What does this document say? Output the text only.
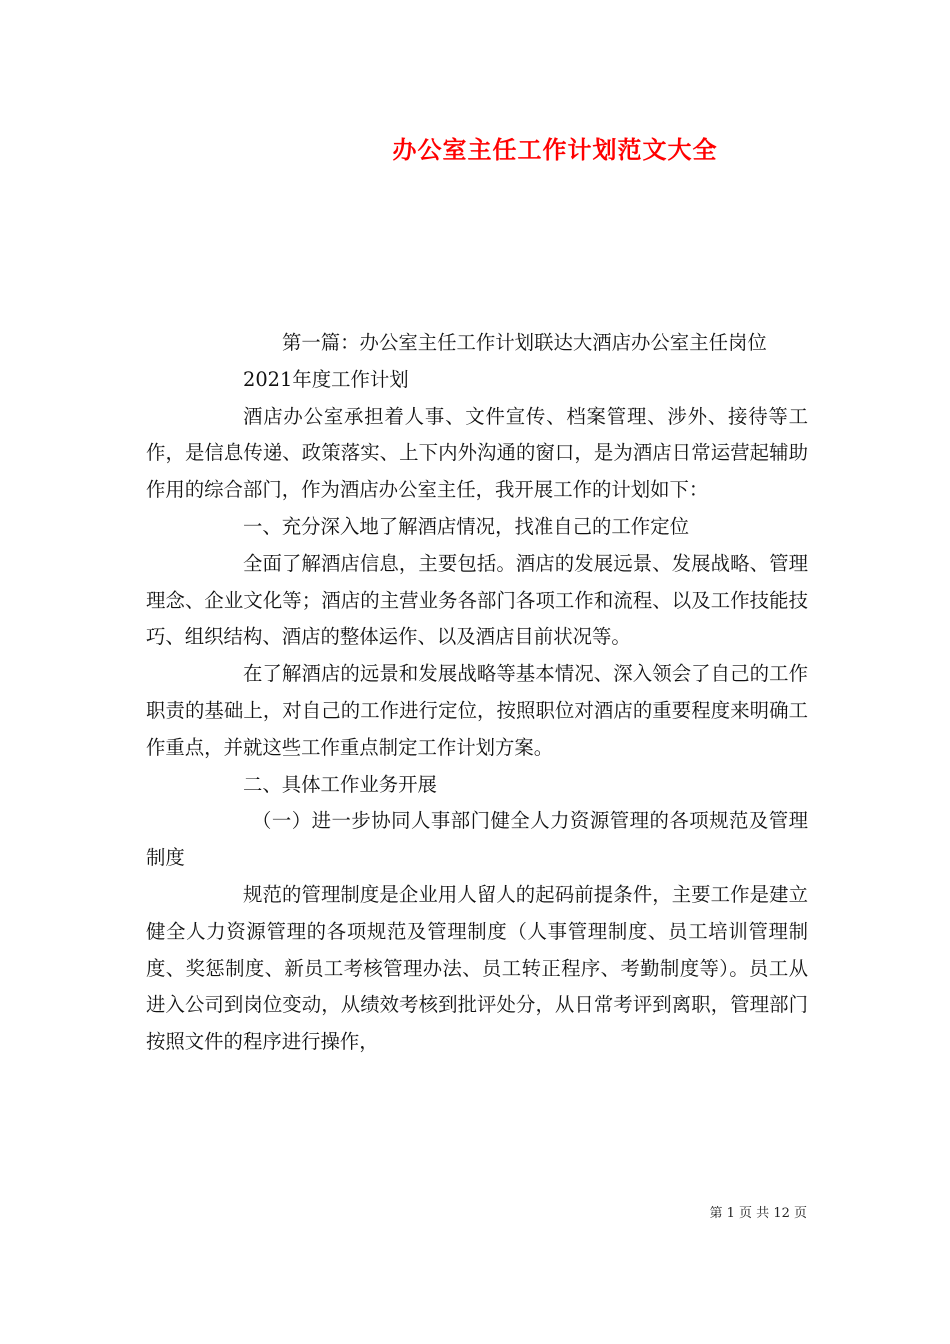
办公室主任工作计划范文大全

第一篇：办公室主任工作计划联达大酒店办公室主任岗位

2021年度工作计划

酒店办公室承担着人事、文件宣传、档案管理、涉外、接待等工作，是信息传递、政策落实、上下内外沟通的窗口，是为酒店日常运营起辅助作用的综合部门，作为酒店办公室主任，我开展工作的计划如下：

一、充分深入地了解酒店情况，找准自己的工作定位

全面了解酒店信息，主要包括。酒店的发展远景、发展战略、管理理念、企业文化等；酒店的主营业务各部门各项工作和流程、以及工作技能技巧、组织结构、酒店的整体运作、以及酒店目前状况等。

在了解酒店的远景和发展战略等基本情况、深入领会了自己的工作职责的基础上，对自己的工作进行定位，按照职位对酒店的重要程度来明确工作重点，并就这些工作重点制定工作计划方案。

二、具体工作业务开展

（一）进一步协同人事部门健全人力资源管理的各项规范及管理制度

规范的管理制度是企业用人留人的起码前提条件，主要工作是建立健全人力资源管理的各项规范及管理制度（人事管理制度、员工培训管理制度、奖惩制度、新员工考核管理办法、员工转正程序、考勤制度等）。员工从进入公司到岗位变动，从绩效考核到批评处分，从日常考评到离职，管理部门按照文件的程序进行操作，

第 1 页 共 12 页
